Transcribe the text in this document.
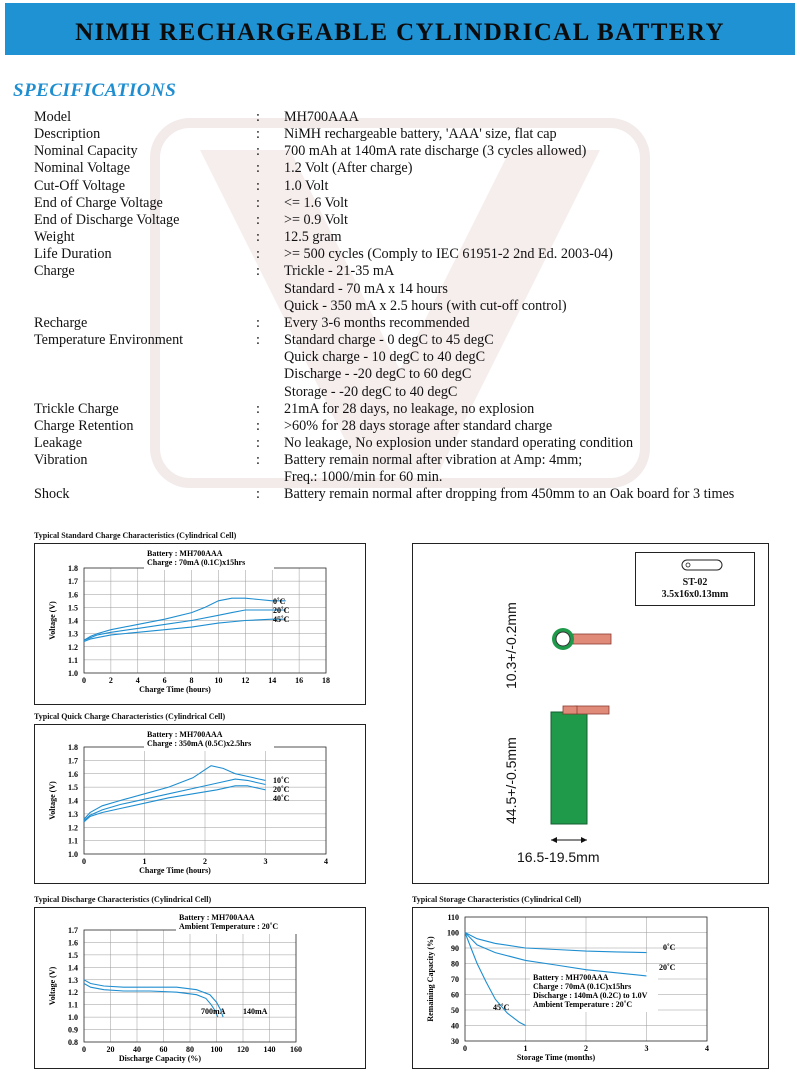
NIMH RECHARGEABLE CYLINDRICAL BATTERY
SPECIFICATIONS
Model	:	MH700AAA
Description	:	NiMH rechargeable battery, 'AAA' size, flat cap
Nominal Capacity	:	700 mAh at 140mA rate discharge (3 cycles allowed)
Nominal Voltage	:	1.2 Volt (After charge)
Cut-Off Voltage	:	1.0 Volt
End of Charge Voltage	:	<= 1.6 Volt
End of Discharge Voltage	:	>= 0.9 Volt
Weight	:	12.5 gram
Life Duration	:	>= 500 cycles (Comply to IEC 61951-2 2nd Ed. 2003-04)
Charge	:	Trickle - 21-35 mA
Standard - 70 mA x 14 hours
Quick - 350 mA x 2.5 hours (with cut-off control)
Recharge	:	Every 3-6 months recommended
Temperature Environment	:	Standard charge - 0 degC to 45 degC
Quick charge - 10 degC to 40 degC
Discharge - -20 degC to 60 degC
Storage - -20 degC to 40 degC
Trickle Charge	:	21mA for 28 days, no leakage, no explosion
Charge Retention	:	>60% for 28 days storage after standard charge
Leakage	:	No leakage, No explosion under standard operating condition
Vibration	:	Battery remain normal after vibration at Amp: 4mm;
Freq.: 1000/min for 60 min.
Shock	:	Battery remain normal after dropping from 450mm to an Oak board for 3 times
Typical Standard Charge Characteristics (Cylindrical Cell)
0	2	4	6	8	10 12 14 16 18
1.0
1.1
1.2
1.3
1.4
1.5
1.6
1.7
1.8
Charge Time (hours)
Voltage (V)
Battery : MH700AAA
Charge : 70mA (0.1C)x15hrs
0˚C
20˚C
45˚C
Typical Quick Charge Characteristics (Cylindrical Cell)
0	1	2	3	4
1.0
1.1
1.2
1.3
1.4
1.5
1.6
1.7
1.8
Charge Time (hours)
Voltage (V)
Battery : MH700AAA
Charge : 350mA (0.5C)x2.5hrs
10˚C
20˚C
40˚C
Typical Discharge Characteristics (Cylindrical Cell)
0	20 40 60 80 100 120 140 160
0.8
0.9
1.0
1.1
1.2
1.3
1.4
1.5
1.6
1.7
Discharge Capacity (%)
Voltage (V)
Battery : MH700AAA
Ambient Temperature : 20˚C
700mA 140mA
Typical Storage Characteristics (Cylindrical Cell)
0	1	2	3	4
30
40
50
60
70
80
90
100
110
Storage Time (months)
Remaining Capacity (%)	Battery : MH700AAA
Charge : 70mA (0.1C)x15hrs
Discharge : 140mA (0.2C) to 1.0V
Ambient Temperature : 20˚C
0˚C
20˚C
45˚C
ST-02
3.5x16x0.13mm
10.3+/-0.2mm
44.5+/-0.5mm
16.5-19.5mm
